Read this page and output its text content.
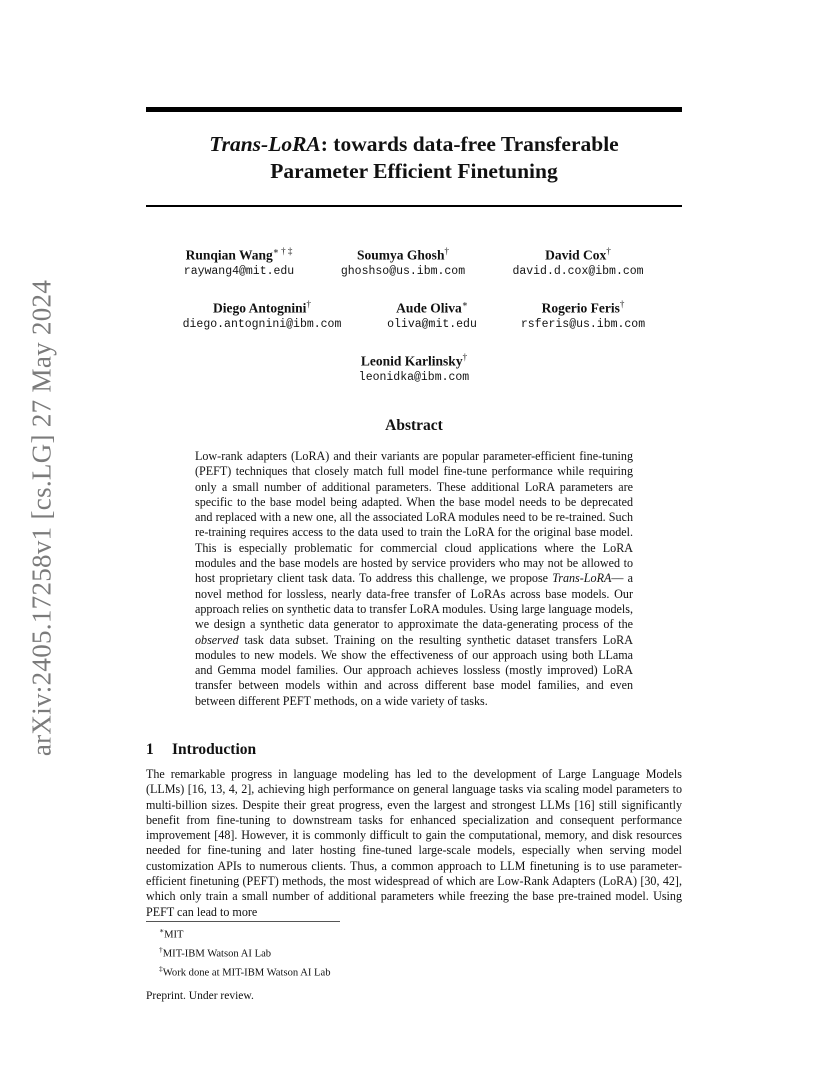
arXiv:2405.17258v1 [cs.LG] 27 May 2024
Trans-LoRA: towards data-free Transferable
Parameter Efficient Finetuning
Runqian Wang∗ † ‡
raywang4@mit.edu
Soumya Ghosh†
ghoshso@us.ibm.com
David Cox†
david.d.cox@ibm.com
Diego Antognini†
diego.antognini@ibm.com
Aude Oliva∗
oliva@mit.edu
Rogerio Feris†
rsferis@us.ibm.com
Leonid Karlinsky†
leonidka@ibm.com
Abstract
Low-rank adapters (LoRA) and their variants are popular parameter-efficient fine-tuning (PEFT) techniques that closely match full model fine-tune performance while requiring only a small number of additional parameters. These additional LoRA parameters are specific to the base model being adapted. When the base model needs to be deprecated and replaced with a new one, all the associated LoRA modules need to be re-trained. Such re-training requires access to the data used to train the LoRA for the original base model. This is especially problematic for commercial cloud applications where the LoRA modules and the base models are hosted by service providers who may not be allowed to host proprietary client task data. To address this challenge, we propose Trans-LoRA— a novel method for lossless, nearly data-free transfer of LoRAs across base models. Our approach relies on synthetic data to transfer LoRA modules. Using large language models, we design a synthetic data generator to approximate the data-generating process of the observed task data subset. Training on the resulting synthetic dataset transfers LoRA modules to new models. We show the effectiveness of our approach using both LLama and Gemma model families. Our approach achieves lossless (mostly improved) LoRA transfer between models within and across different base model families, and even between different PEFT methods, on a wide variety of tasks.
1 Introduction
The remarkable progress in language modeling has led to the development of Large Language Models (LLMs) [16, 13, 4, 2], achieving high performance on general language tasks via scaling model parameters to multi-billion sizes. Despite their great progress, even the largest and strongest LLMs [16] still significantly benefit from fine-tuning to downstream tasks for enhanced specialization and consequent performance improvement [48]. However, it is commonly difficult to gain the computational, memory, and disk resources needed for fine-tuning and later hosting fine-tuned large-scale models, especially when serving model customization APIs to numerous clients. Thus, a common approach to LLM finetuning is to use parameter-efficient finetuning (PEFT) methods, the most widespread of which are Low-Rank Adapters (LoRA) [30, 42], which only train a small number of additional parameters while freezing the base pre-trained model. Using PEFT can lead to more
∗MIT
†MIT-IBM Watson AI Lab
‡Work done at MIT-IBM Watson AI Lab
Preprint. Under review.
